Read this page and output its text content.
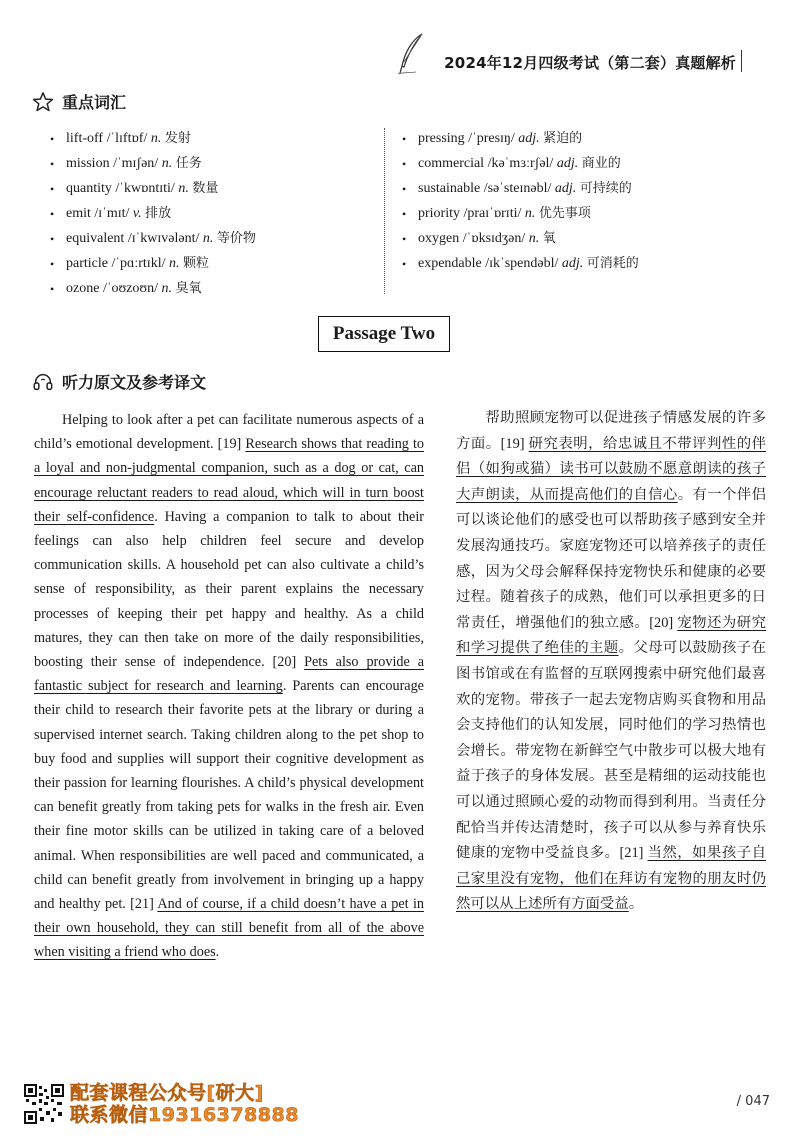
2024年12月四级考试（第二套）真题解析
重点词汇
• lift-off /ˈlɪftɒf/ n. 发射
• mission /ˈmɪʃən/ n. 任务
• quantity /ˈkwɒntɪti/ n. 数量
• emit /ɪˈmɪt/ v. 排放
• equivalent /ɪˈkwɪvələnt/ n. 等价物
• particle /ˈpɑːrtɪkl/ n. 颗粒
• ozone /ˈoʊzoʊn/ n. 臭氧
• pressing /ˈpresɪŋ/ adj. 紧迫的
• commercial /kəˈmɜːrʃəl/ adj. 商业的
• sustainable /səˈsteɪnəbl/ adj. 可持续的
• priority /praɪˈɒrɪti/ n. 优先事项
• oxygen /ˈɒksɪdʒən/ n. 氧
• expendable /ɪkˈspendəbl/ adj. 可消耗的
Passage Two
听力原文及参考译文
Helping to look after a pet can facilitate numerous aspects of a child’s emotional development. [19] Research shows that reading to a loyal and non-judgmental companion, such as a dog or cat, can encourage reluctant readers to read aloud, which will in turn boost their self-confidence. Having a companion to talk to about their feelings can also help children feel secure and develop communication skills. A household pet can also cultivate a child’s sense of responsibility, as their parent explains the necessary processes of keeping their pet happy and healthy. As a child matures, they can then take on more of the daily responsibilities, boosting their sense of independence. [20] Pets also provide a fantastic subject for research and learning. Parents can encourage their child to research their favorite pets at the library or during a supervised internet search. Taking children along to the pet shop to buy food and supplies will support their cognitive development as their passion for learning flourishes. A child’s physical development can benefit greatly from taking pets for walks in the fresh air. Even their fine motor skills can be utilized in taking care of a beloved animal. When responsibilities are well paced and communicated, a child can benefit greatly from involvement in bringing up a happy and healthy pet. [21] And of course, if a child doesn’t have a pet in their own household, they can still benefit from all of the above when visiting a friend who does.
帮助照顾宠物可以促进孩子情感发展的许多方面。[19] 研究表明，给忠诚且不带评判性的伴侣（如狗或猫）读书可以鼓励不愿意朗读的孩子大声朗读，从而提高他们的自信心。有一个伴侣可以谈论他们的感受也可以帮助孩子感到安全并发展沟通技巧。家庭宠物还可以培养孩子的责任感，因为父母会解释保持宠物快乐和健康的必要过程。随着孩子的成熟，他们可以承担更多的日常责任，增强他们的独立感。[20] 宠物还为研究和学习提供了绝佳的主题。父母可以鼓励孩子在图书馆或在有监督的互联网搜索中研究他们最喜欢的宠物。带孩子一起去宠物店购买食物和用品会支持他们的认知发展，同时他们的学习热情也会增长。带宠物在新鲜空气中散步可以极大地有益于孩子的身体发展。甚至是精细的运动技能也可以通过照顾心爱的动物而得到利用。当责任分配恰当并传达清楚时，孩子可以从参与养育快乐健康的宠物中受益良多。[21] 当然，如果孩子自己家里没有宠物，他们在拜访有宠物的朋友时仍然可以从上述所有方面受益。
配套课程公众号[研大]
联系微信19316378888
/ 047
